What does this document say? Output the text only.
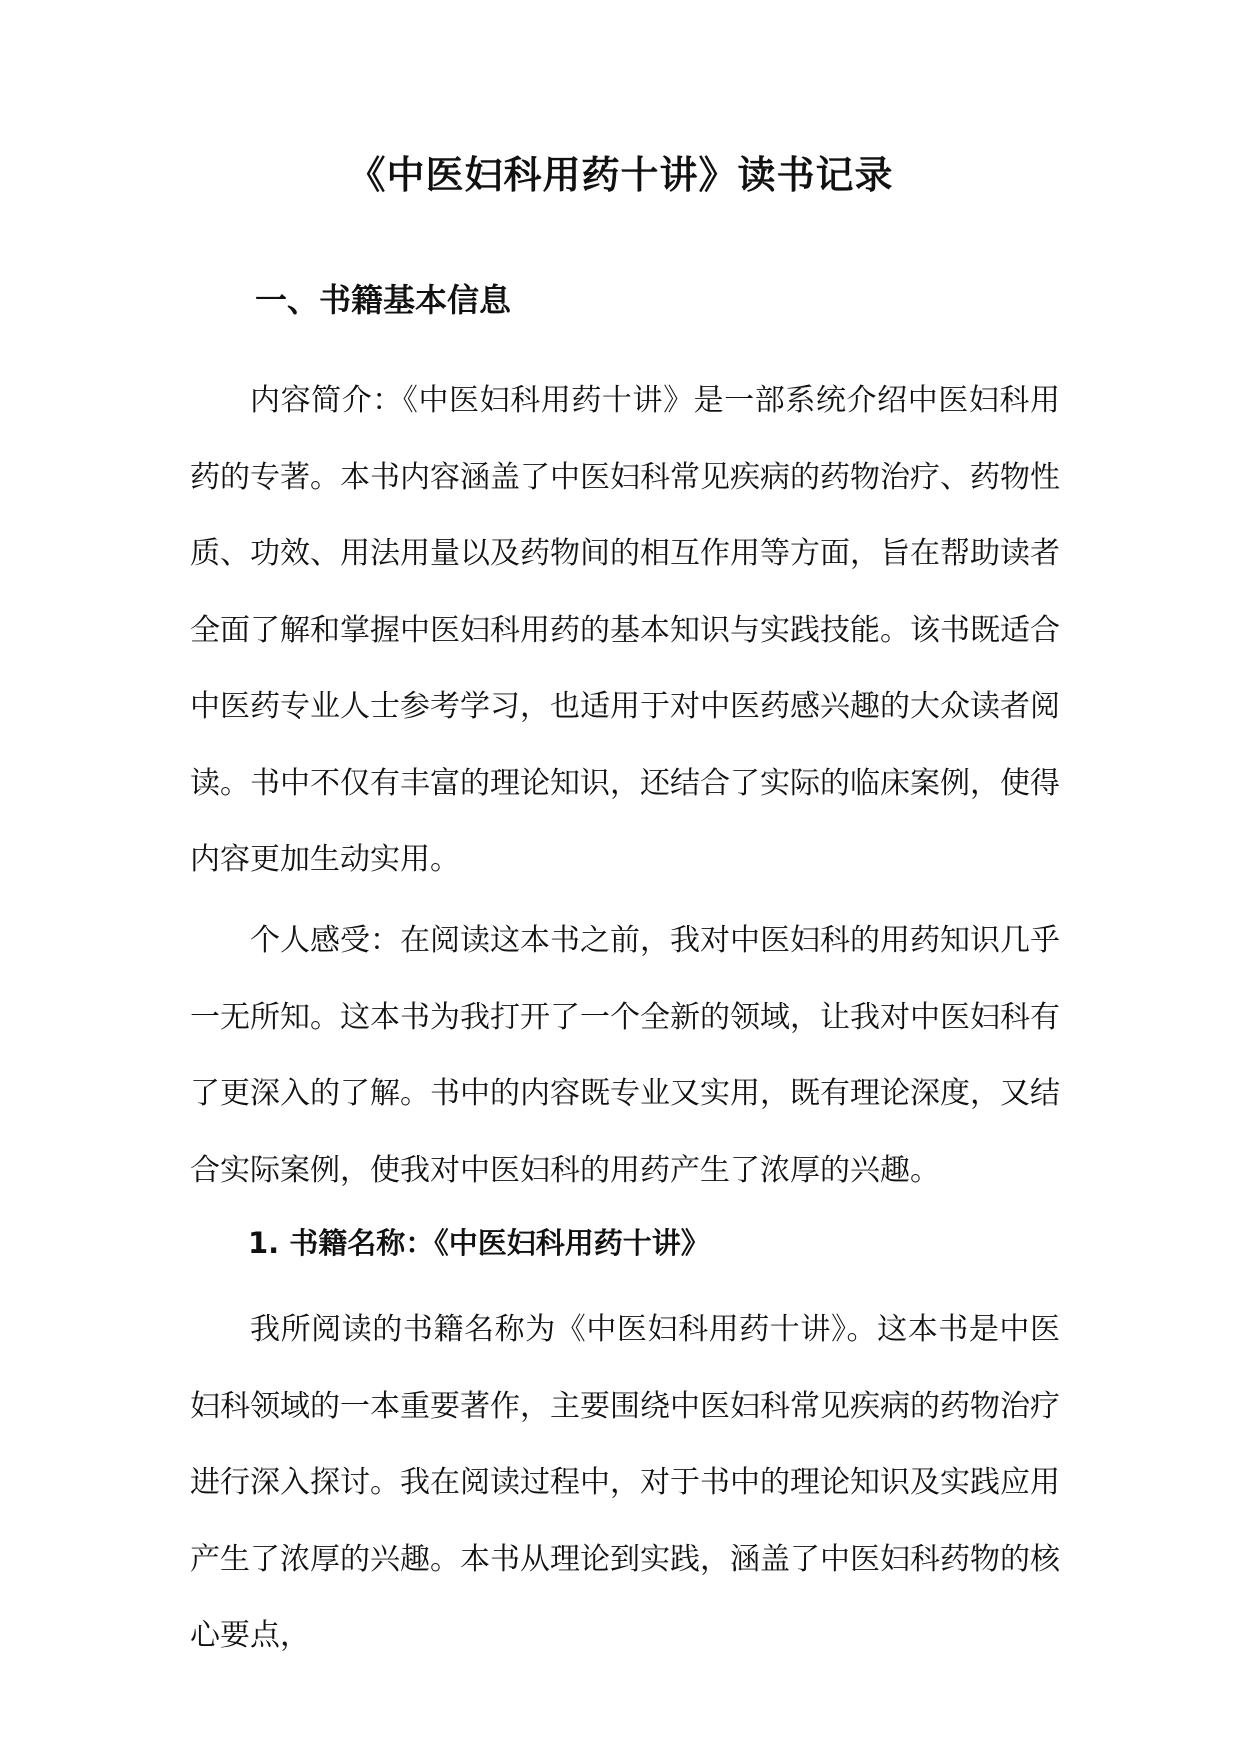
《中医妇科用药十讲》读书记录
一、书籍基本信息

内容简介：《中医妇科用药十讲》是一部系统介绍中医妇科用药的专著。本书内容涵盖了中医妇科常见疾病的药物治疗、药物性质、功效、用法用量以及药物间的相互作用等方面，旨在帮助读者全面了解和掌握中医妇科用药的基本知识与实践技能。该书既适合中医药专业人士参考学习，也适用于对中医药感兴趣的大众读者阅读。书中不仅有丰富的理论知识，还结合了实际的临床案例，使得内容更加生动实用。

个人感受：在阅读这本书之前，我对中医妇科的用药知识几乎一无所知。这本书为我打开了一个全新的领域，让我对中医妇科有了更深入的了解。书中的内容既专业又实用，既有理论深度，又结合实际案例，使我对中医妇科的用药产生了浓厚的兴趣。

1. 书籍名称：《中医妇科用药十讲》

我所阅读的书籍名称为《中医妇科用药十讲》。这本书是中医妇科领域的一本重要著作，主要围绕中医妇科常见疾病的药物治疗进行深入探讨。我在阅读过程中，对于书中的理论知识及实践应用产生了浓厚的兴趣。本书从理论到实践，涵盖了中医妇科药物的核心要点，
